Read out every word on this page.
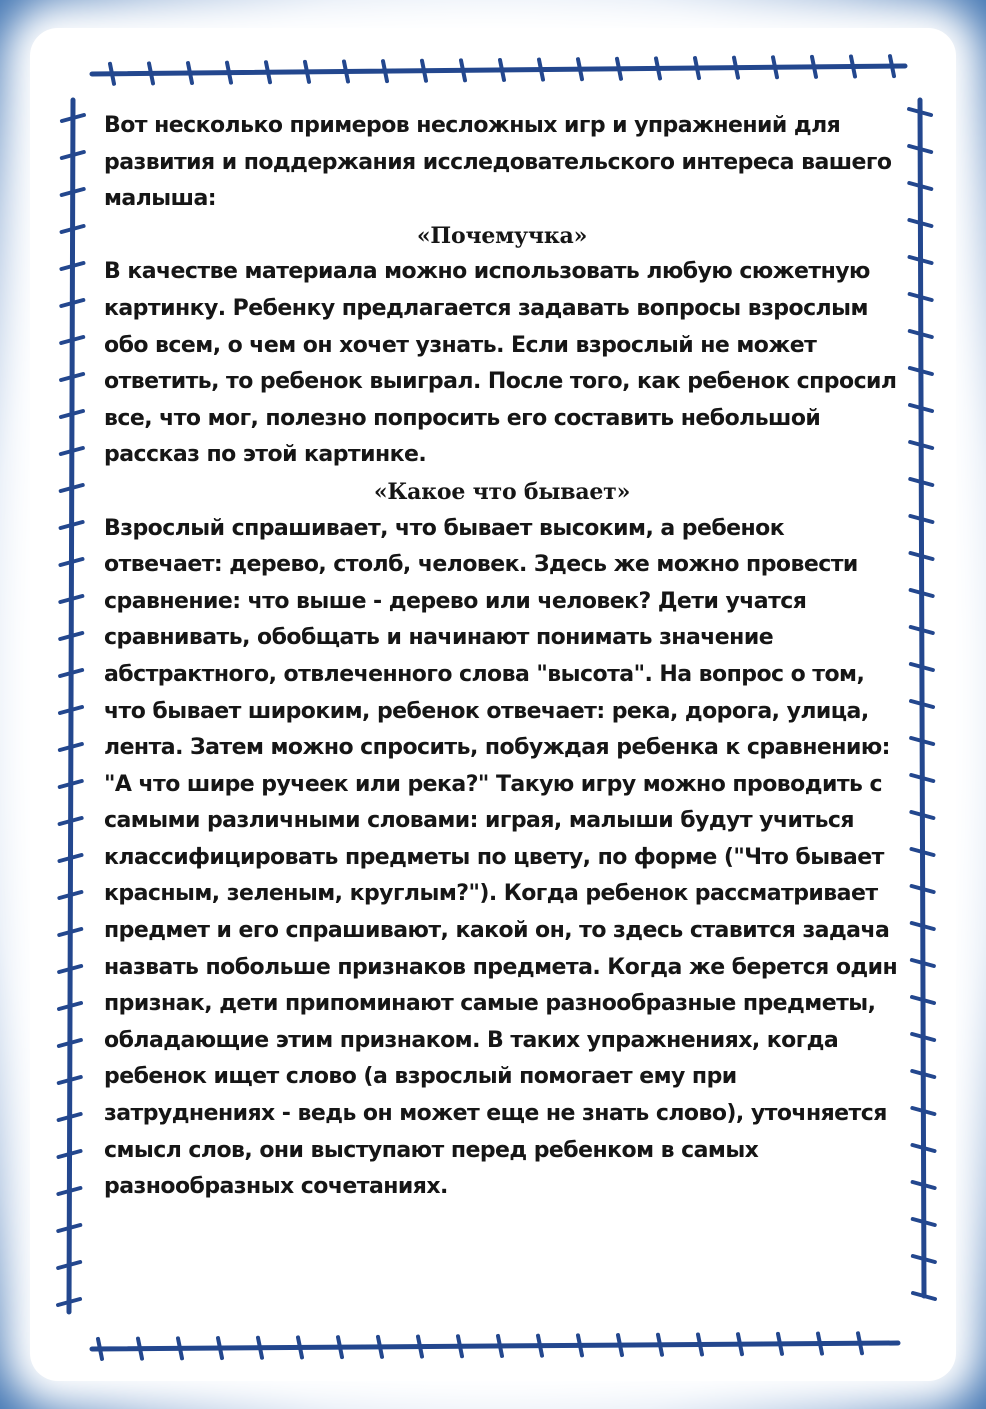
Вот несколько примеров несложных игр и упражнений для развития и поддержания исследовательского интереса вашего малыша:

«Почемучка»

В качестве материала можно использовать любую сюжетную картинку. Ребенку предлагается задавать вопросы взрослым обо всем, о чем он хочет узнать. Если взрослый не может ответить, то ребенок выиграл. После того, как ребенок спросил все, что мог, полезно попросить его составить небольшой рассказ по этой картинке.

«Какое что бывает»

Взрослый спрашивает, что бывает высоким, а ребенок отвечает: дерево, столб, человек. Здесь же можно провести сравнение: что выше - дерево или человек? Дети учатся сравнивать, обобщать и начинают понимать значение абстрактного, отвлеченного слова "высота". На вопрос о том, что бывает широким, ребенок отвечает: река, дорога, улица, лента. Затем можно спросить, побуждая ребенка к сравнению: "А что шире ручеек или река?" Такую игру можно проводить с самыми различными словами: играя, малыши будут учиться классифицировать предметы по цвету, по форме ("Что бывает красным, зеленым, круглым?"). Когда ребенок рассматривает предмет и его спрашивают, какой он, то здесь ставится задача назвать побольше признаков предмета. Когда же берется один признак, дети припоминают самые разнообразные предметы, обладающие этим признаком. В таких упражнениях, когда ребенок ищет слово (а взрослый помогает ему при затруднениях - ведь он может еще не знать слово), уточняется смысл слов, они выступают перед ребенком в самых разнообразных сочетаниях.
